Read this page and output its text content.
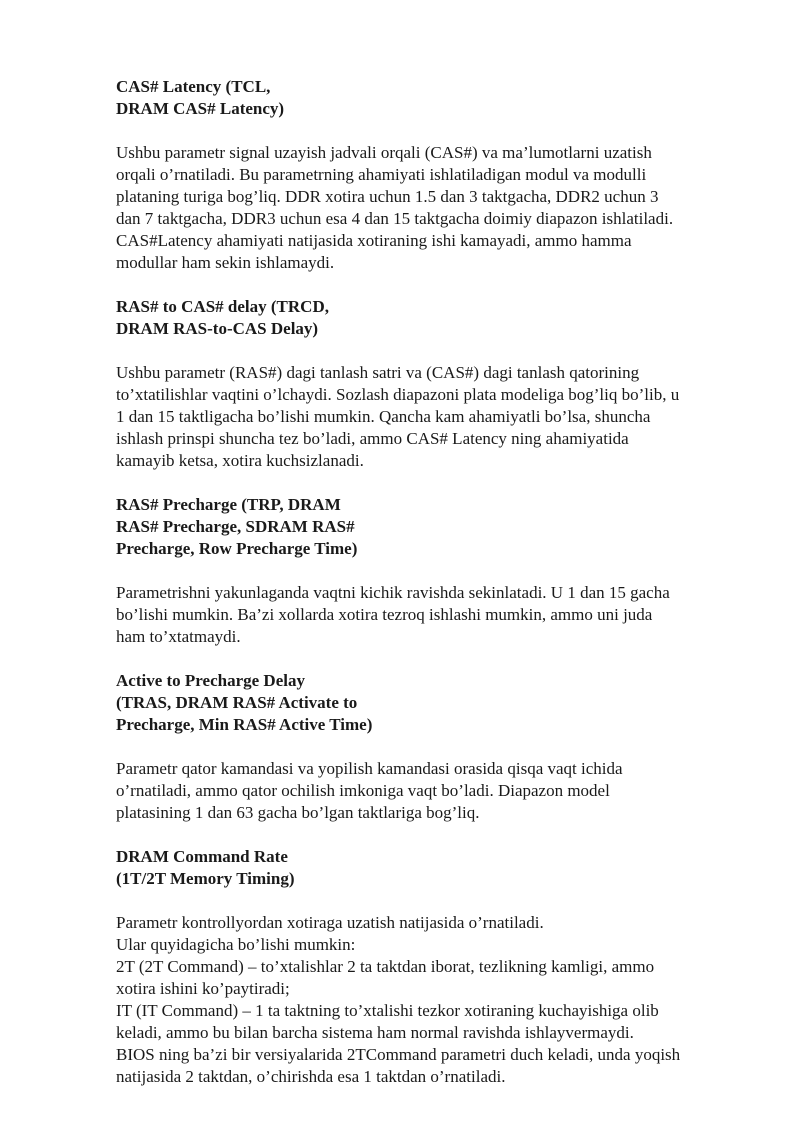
CAS# Latency (TCL,
DRAM CAS# Latency)
Ushbu parametr signal uzayish jadvali orqali (CAS#) va ma’lumotlarni uzatish
orqali o’rnatiladi. Bu parametrning ahamiyati ishlatiladigan modul va modulli
plataning turiga bog’liq. DDR xotira uchun 1.5 dan 3 taktgacha, DDR2 uchun 3
dan 7 taktgacha, DDR3 uchun esa 4 dan 15 taktgacha doimiy diapazon ishlatiladi.
CAS#Latency ahamiyati natijasida xotiraning ishi kamayadi, ammo hamma
modullar ham sekin ishlamaydi.
RAS# to CAS# delay (TRCD,
DRAM RAS-to-CAS Delay)
Ushbu parametr (RAS#) dagi tanlash satri va (CAS#) dagi tanlash qatorining
to’xtatilishlar vaqtini o’lchaydi. Sozlash diapazoni plata modeliga bog’liq bo’lib, u
1 dan 15 taktligacha bo’lishi mumkin. Qancha kam ahamiyatli bo’lsa, shuncha
ishlash prinspi shuncha tez bo’ladi, ammo CAS# Latency ning ahamiyatida
kamayib ketsa, xotira kuchsizlanadi.
RAS# Precharge (TRP, DRAM
RAS# Precharge, SDRAM RAS#
Precharge, Row Precharge Time)
Parametrishni yakunlaganda vaqtni kichik ravishda sekinlatadi. U 1 dan 15 gacha
bo’lishi mumkin. Ba’zi xollarda xotira tezroq ishlashi mumkin, ammo uni juda
ham to’xtatmaydi.
Active to Precharge Delay
(TRAS, DRAM RAS# Activate to
Precharge, Min RAS# Active Time)
Parametr qator kamandasi va yopilish kamandasi orasida qisqa vaqt ichida
o’rnatiladi, ammo qator ochilish imkoniga vaqt bo’ladi. Diapazon model
platasining 1 dan 63 gacha bo’lgan taktlariga bog’liq.
DRAM Command Rate
(1T/2T Memory Timing)
Parametr kontrollyordan xotiraga uzatish natijasida o’rnatiladi.
Ular quyidagicha bo’lishi mumkin:
2T (2T Command) – to’xtalishlar 2 ta taktdan iborat, tezlikning kamligi, ammo
xotira ishini ko’paytiradi;
IT (IT Command) – 1 ta taktning to’xtalishi tezkor xotiraning kuchayishiga olib
keladi, ammo bu bilan barcha sistema ham normal ravishda ishlayvermaydi.
BIOS ning ba’zi bir versiyalarida 2TCommand parametri duch keladi, unda yoqish
natijasida 2 taktdan, o’chirishda esa 1 taktdan o’rnatiladi.
